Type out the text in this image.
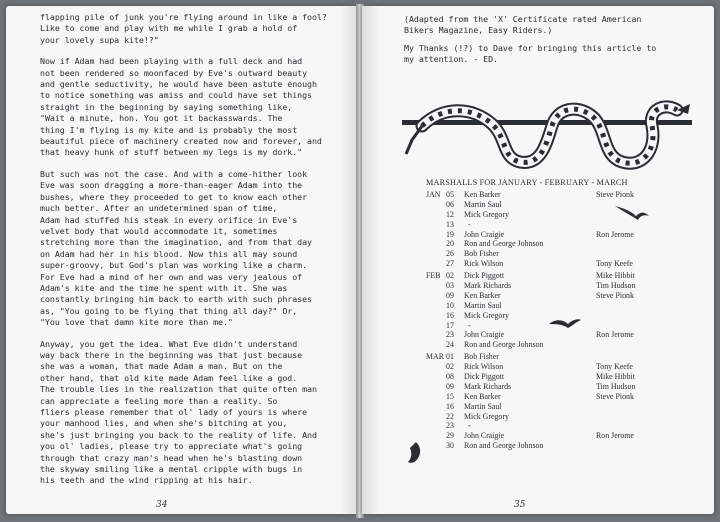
flapping pile of junk you're flying around in like a fool?
Like to come and play with me while I grab a hold of
your lovely supa kite!?"

Now if Adam had been playing with a full deck and had
not been rendered so moonfaced by Eve's outward beauty
and gentle seductivity, he would have been astute enough
to notice something was amiss and could have set things
straight in the beginning by saying something like,
"Wait a minute, hon. You got it backasswards. The
thing I'm flying is my kite and is probably the most
beautiful piece of machinery created now and forever, and
that heavy hunk of stuff between my legs is my dork."

But such was not the case. And with a come-hither look
Eve was soon dragging a more-than-eager Adam into the
bushes, where they proceeded to get to know each other
much better. After an undetermined span of time,
Adam had stuffed his steak in every orifice in Eve's
velvet body that would accommodate it, sometimes
stretching more than the imagination, and from that day
on Adam had her in his blood. Now this all may sound
super-groovy, but God's plan was working like a charm.
For Eve had a mind of her own and was very jealous of
Adam's kite and the time he spent with it. She was
constantly bringing him back to earth with such phrases
as, "You going to be flying that thing all day?" Or,
"You love that damn kite more than me."

Anyway, you get the idea. What Eve didn't understand
way back there in the beginning was that just because
she was a woman, that made Adam a man. But on the
other hand, that old kite made Adam feel like a god.
The trouble lies in the realization that quite often man
can appreciate a feeling more than a reality. So
fliers please remember that ol' lady of yours is where
your manhood lies, and when she's bitching at you,
she's just bringing you back to the reality of life. And
you ol' ladies, please try to appreciate what's going
through that crazy man's head when he's blasting down
the skyway smiling like a mental cripple with bugs in
his teeth and the wind ripping at his hair.

34

(Adapted from the 'X' Certificate rated American
Bikers Magazine, Easy Riders.)

My Thanks (!?) to Dave for bringing this article to
my attention. - ED.

MARSHALLS FOR JANUARY - FEBRUARY - MARCH
JAN 05	Ken Barker	Steve Pionk
06	Martin Saul
12	Mick Gregory
13	-
19	John Craigie	Ron Jerome
20	Ron and George Johnson
26	Bob Fisher
27	Rick Wilson	Tony Keefe
FEB 02	Dick Piggott	Mike Hibbit
03	Mark Richards	Tim Hudson
09	Ken Barker	Steve Pionk
10	Martin Saul
16	Mick Gregory
17	-
23	John Craigie	Ron Jerome
24	Ron and George Johnson
MAR 01	Bob Fisher
02	Rick Wilson	Tony Keefe
08	Dick Piggott	Mike Hibbit
09	Mark Richards	Tim Hudson
15	Ken Barker	Steve Pionk
16	Martin Saul
22	Mick Gregory
23	-
29	John Craigie	Ron Jerome
30	Ron and George Johnson
35
